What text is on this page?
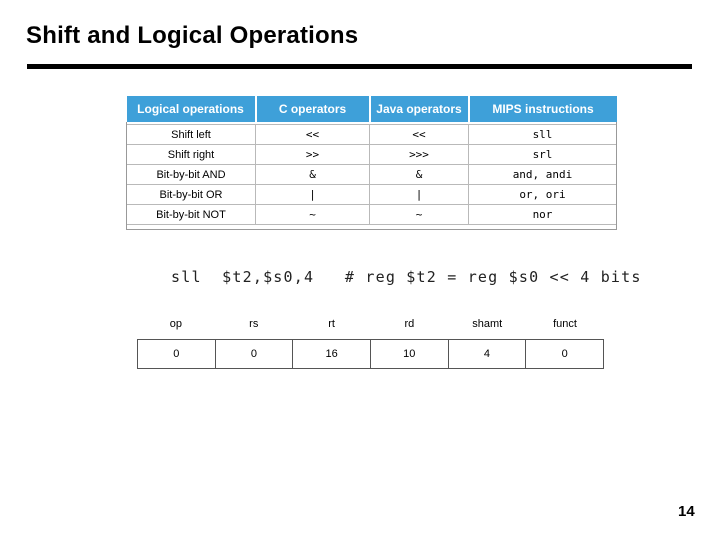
Shift and Logical Operations
Logical operations	C operators	Java operators	MIPS instructions

Shift left	<<	<<	sll
Shift right	>>	>>>	srl
Bit-by-bit AND	&	&	and, andi
Bit-by-bit OR	|	|	or, ori
Bit-by-bit NOT	~	~	nor
sll  $t2,$s0,4   # reg $t2 = reg $s0 << 4 bits
op	rs	rt	rd	shamt	funct
0	0	16	10	4	0
14
